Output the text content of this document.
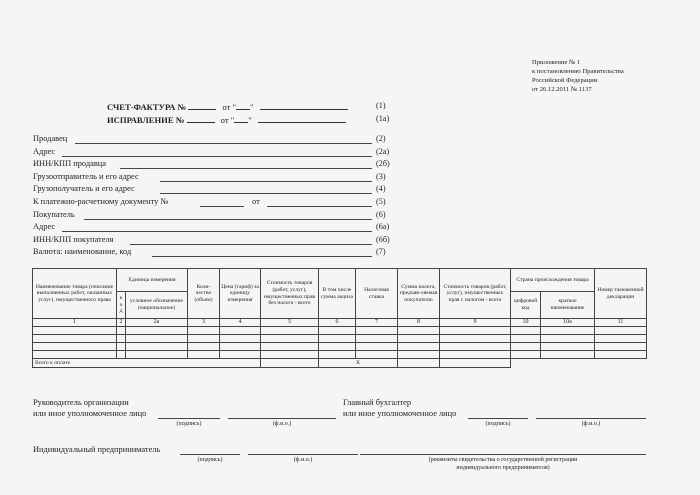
Приложение № 1
к постановлению Правительства
Российской Федерации
от 26.12.2011 № 1137
СЧЕТ-ФАКТУРА №	от " "	(1)
ИСПРАВЛЕНИЕ №	от " "	(1а)
Продавец	(2)
Адрес	(2а)
ИНН/КПП продавца	(2б)
Грузоотправитель и его адрес	(3)
Грузополучатель и его адрес	(4)
К платежно-расчетному документу №	от	(5)
Покупатель	(6)
Адрес	(6а)
ИНН/КПП покупателя	(6б)
Валюта: наименование, код	(7)
Наименование товара (описание выполненных работ, оказанных услуг), имущественного права	Единица измерения		Коли-чество (объем)	Цена (тариф) за единицу измерения	Стоимость товаров (работ, услуг), имущественных прав без налога - всего	В том числе сумма акциза	Налоговая ставка	Сумма налога, предъяв-ляемая покупателю	Стоимость товаров (работ, услуг), имущественных прав с налогом - всего	Страна происхождения товара		Номер таможенной декларации
	к о д	условное обозначение (национальное)								цифровой код	краткое наименование	
1	2	2а	3	4	5	6	7	8	9	10	10а	11

Всего к оплате						Х						
Руководитель организации
или иное уполномоченное лицо
(подпись)	(ф.и.о.)
Главный бухгалтер
или иное уполномоченное лицо
(подпись)	(ф.и.о.)
Индивидуальный предприниматель
(подпись)	(ф.и.о.)	(реквизиты свидетельства о государственной регистрации
индивидуального предпринимателя)
